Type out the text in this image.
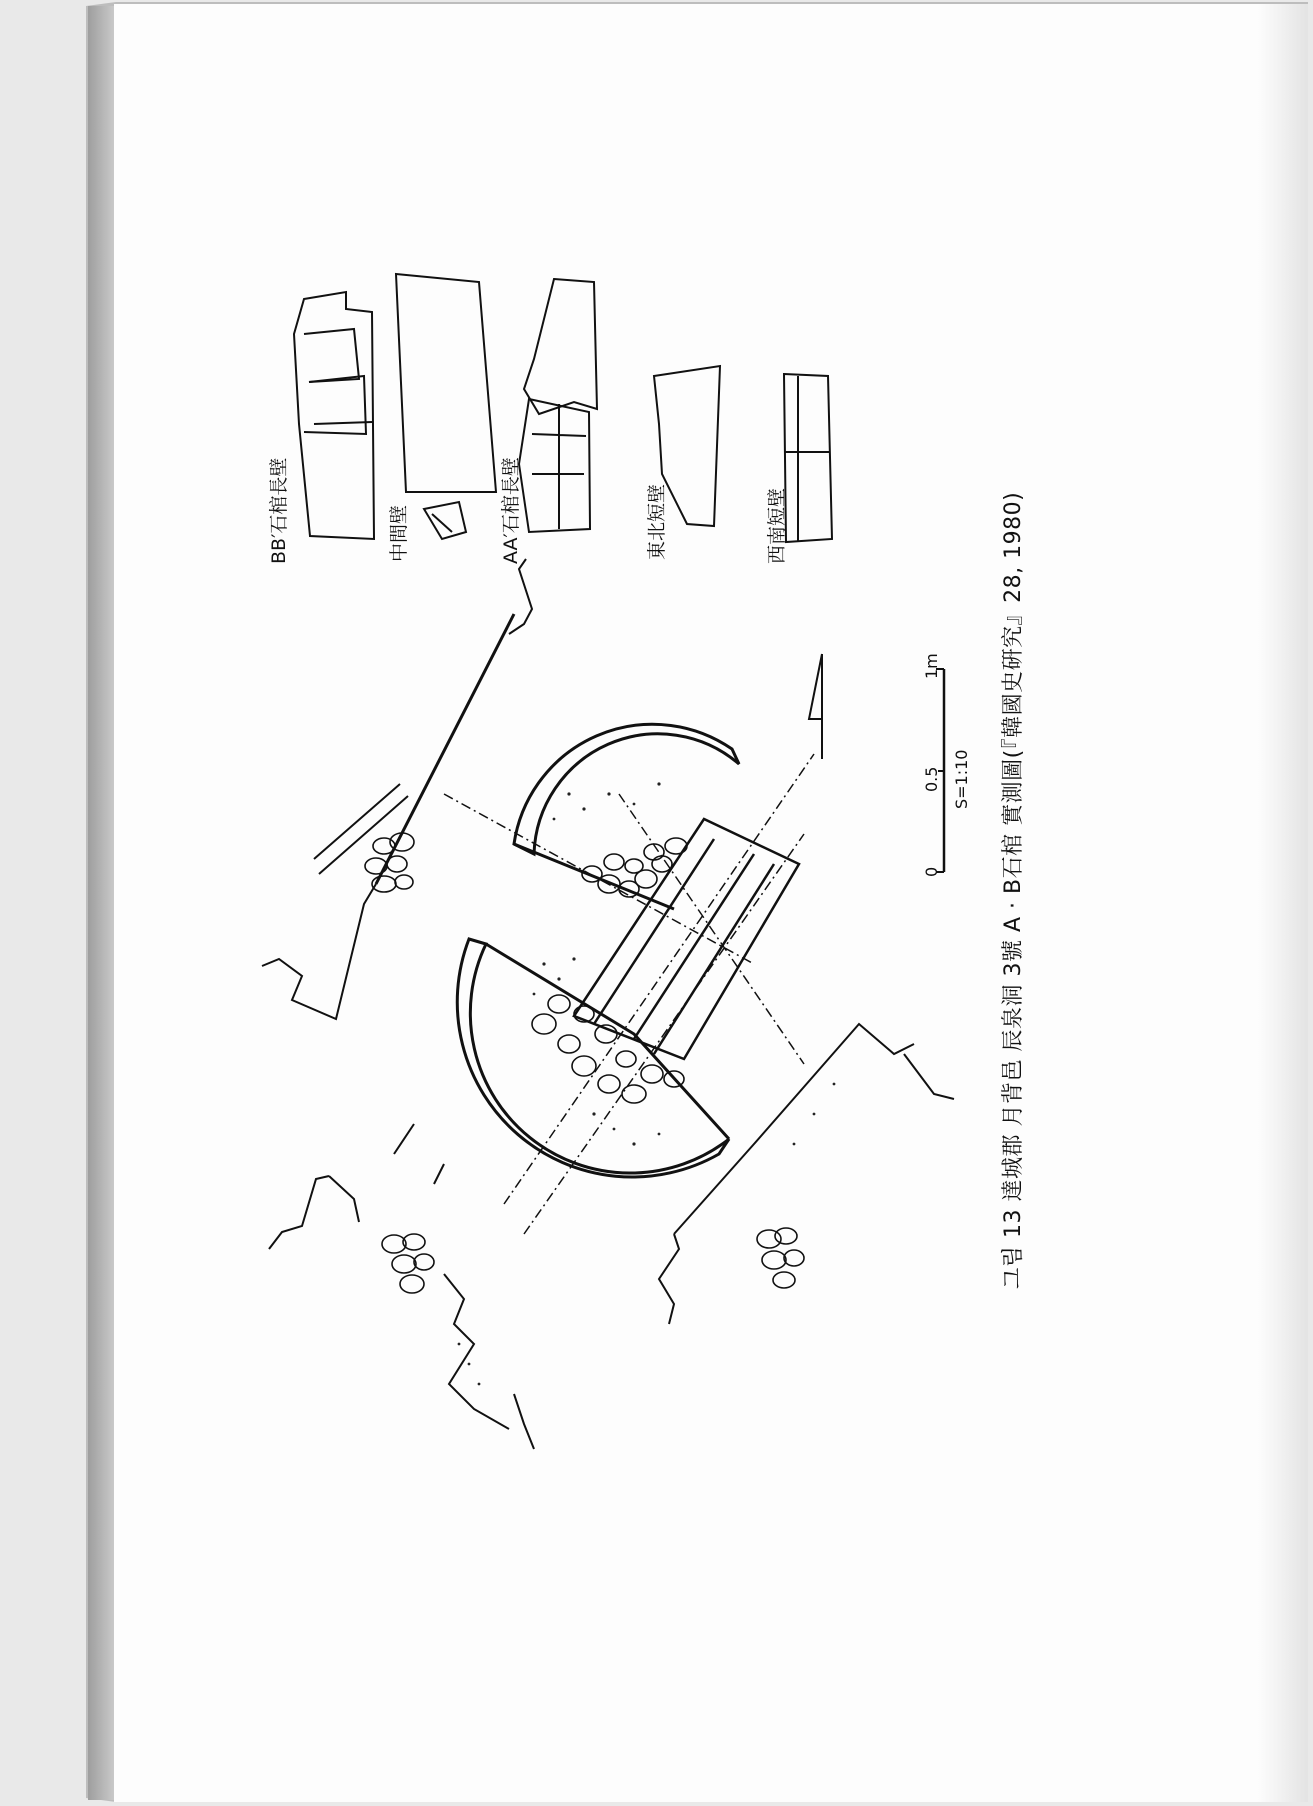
BB′石棺長壁	中間壁	AA′石棺長壁	東北短壁	西南短壁
0
0.5
1m
S=1:10 그림 13 達城郡 月背邑 辰泉洞 3號 A · B石棺 實測圖(『韓國史硏究』28, 1980)
